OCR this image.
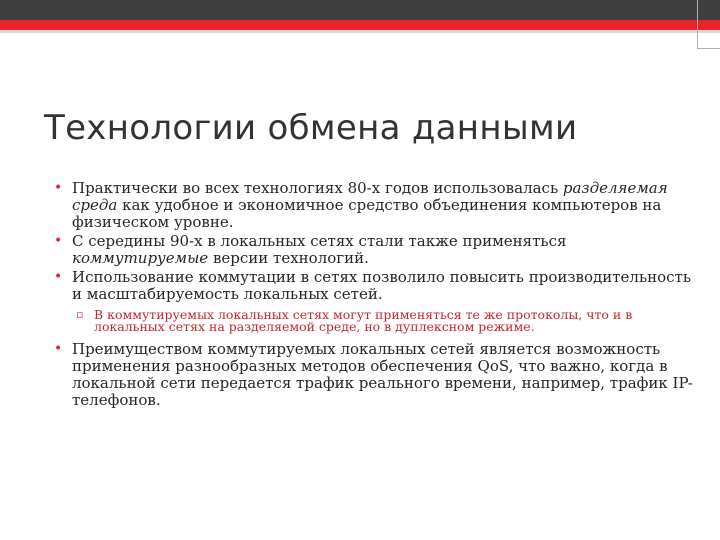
Технологии обмена данными

• Практически во всех технологиях 80-х годов использовалась разделяемая среда как удобное и экономичное средство объединения компьютеров на физическом уровне.

• С середины 90-х в локальных сетях стали также применяться коммутируемые версии технологий.

• Использование коммутации в сетях позволило повысить производительность и масштабируемость локальных сетей.

▫ В коммутируемых локальных сетях могут применяться те же протоколы, что и в локальных сетях на разделяемой среде, но в дуплексном режиме.

• Преимуществом коммутируемых локальных сетей является возможность применения разнообразных методов обеспечения QoS, что важно, когда в локальной сети передается трафик реального времени, например, трафик IP-телефонов.
